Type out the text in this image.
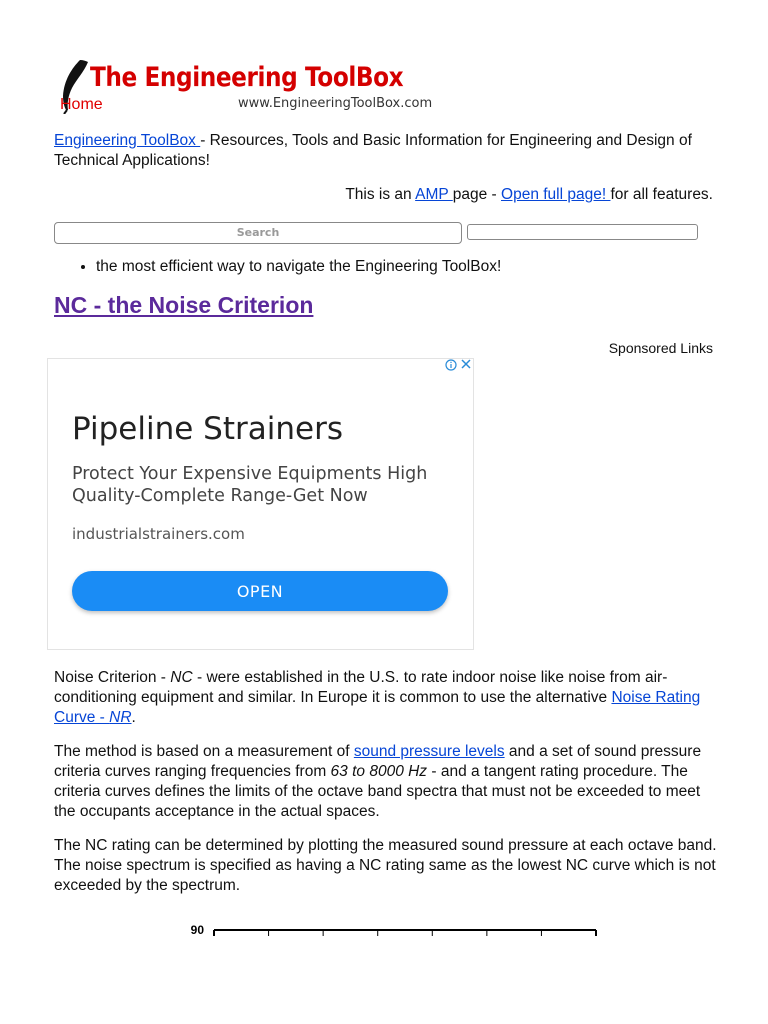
The Engineering ToolBox
Home	www.EngineeringToolBox.com
Engineering ToolBox - Resources, Tools and Basic Information for Engineering and Design of Technical Applications!
This is an AMP page - Open full page! for all features.
Search
• the most efficient way to navigate the Engineering ToolBox!
NC - the Noise Criterion
Sponsored Links
Pipeline Strainers
Protect Your Expensive Equipments High Quality-Complete Range-Get Now
industrialstrainers.com
OPEN

Noise Criterion - NC - were established in the U.S. to rate indoor noise like noise from air-conditioning equipment and similar. In Europe it is common to use the alternative Noise Rating Curve - NR.

The method is based on a measurement of sound pressure levels and a set of sound pressure criteria curves ranging frequencies from 63 to 8000 Hz - and a tangent rating procedure. The criteria curves defines the limits of the octave band spectra that must not be exceeded to meet the occupants acceptance in the actual spaces.

The NC rating can be determined by plotting the measured sound pressure at each octave band. The noise spectrum is specified as having a NC rating same as the lowest NC curve which is not exceeded by the spectrum.

90
